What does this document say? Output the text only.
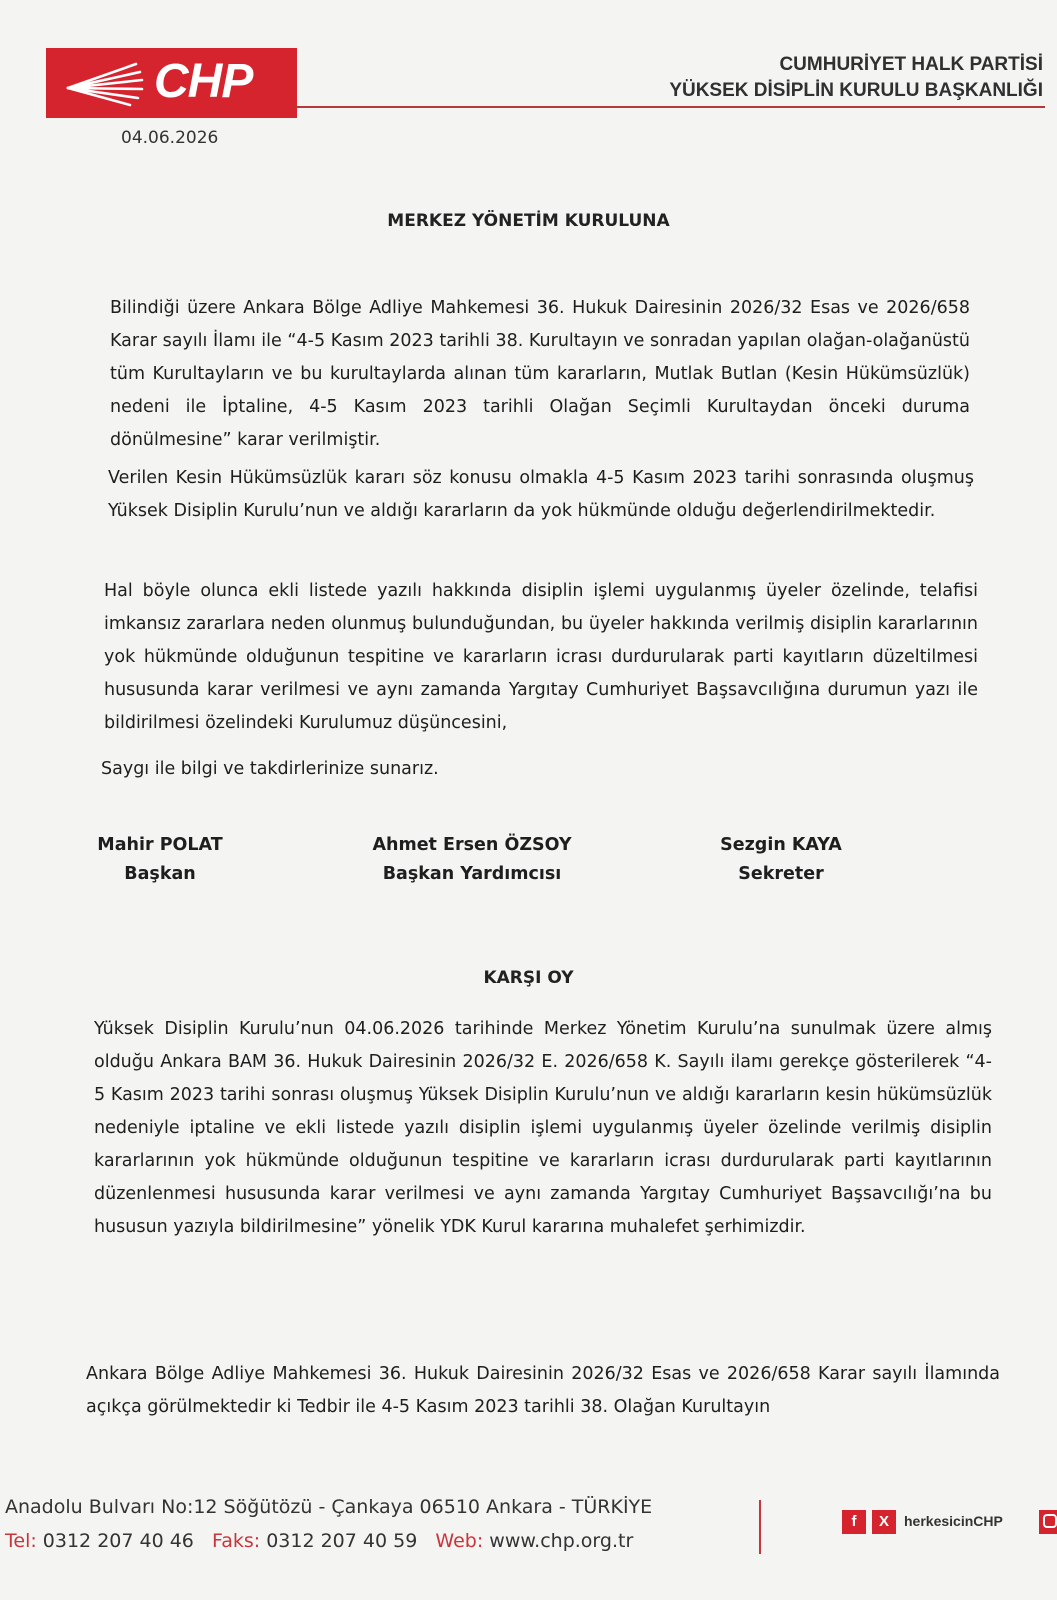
CHP	CUMHURİYET HALK PARTİSİ
YÜKSEK DİSİPLİN KURULU BAŞKANLIĞI
04.06.2026
MERKEZ YÖNETİM KURULUNA
Bilindiği üzere Ankara Bölge Adliye Mahkemesi 36. Hukuk Dairesinin 2026/32 Esas ve 2026/658 Karar sayılı İlamı ile “4-5 Kasım 2023 tarihli 38. Kurultayın ve sonradan yapılan olağan-olağanüstü tüm Kurultayların ve bu kurultaylarda alınan tüm kararların, Mutlak Butlan (Kesin Hükümsüzlük) nedeni ile İptaline, 4-5 Kasım 2023 tarihli Olağan Seçimli Kurultaydan önceki duruma dönülmesine” karar verilmiştir.
Verilen Kesin Hükümsüzlük kararı söz konusu olmakla 4-5 Kasım 2023 tarihi sonrasında oluşmuş Yüksek Disiplin Kurulu’nun ve aldığı kararların da yok hükmünde olduğu değerlendirilmektedir.
Hal böyle olunca ekli listede yazılı hakkında disiplin işlemi uygulanmış üyeler özelinde, telafisi imkansız zararlara neden olunmuş bulunduğundan, bu üyeler hakkında verilmiş disiplin kararlarının yok hükmünde olduğunun tespitine ve kararların icrası durdurularak parti kayıtların düzeltilmesi hususunda karar verilmesi ve aynı zamanda Yargıtay Cumhuriyet Başsavcılığına durumun yazı ile bildirilmesi özelindeki Kurulumuz düşüncesini,
Saygı ile bilgi ve takdirlerinize sunarız.
Mahir POLAT
Başkan
Ahmet Ersen ÖZSOY
Başkan Yardımcısı
Sezgin KAYA
Sekreter
KARŞI OY
Yüksek Disiplin Kurulu’nun 04.06.2026 tarihinde Merkez Yönetim Kurulu’na sunulmak üzere almış olduğu Ankara BAM 36. Hukuk Dairesinin 2026/32 E. 2026/658 K. Sayılı ilamı gerekçe gösterilerek “4-5 Kasım 2023 tarihi sonrası oluşmuş Yüksek Disiplin Kurulu’nun ve aldığı kararların kesin hükümsüzlük nedeniyle iptaline ve ekli listede yazılı disiplin işlemi uygulanmış üyeler özelinde verilmiş disiplin kararlarının yok hükmünde olduğunun tespitine ve kararların icrası durdurularak parti kayıtlarının düzenlenmesi hususunda karar verilmesi ve aynı zamanda Yargıtay Cumhuriyet Başsavcılığı’na bu hususun yazıyla bildirilmesine” yönelik YDK Kurul kararına muhalefet şerhimizdir.
Ankara Bölge Adliye Mahkemesi 36. Hukuk Dairesinin 2026/32 Esas ve 2026/658 Karar sayılı İlamında açıkça görülmektedir ki Tedbir ile 4-5 Kasım 2023 tarihli 38. Olağan Kurultayın
Anadolu Bulvarı No:12 Söğütözü - Çankaya 06510 Ankara - TÜRKİYE
Tel: 0312 207 40 46 Faks: 0312 207 40 59 Web: www.chp.org.tr
f	X	herkesicinCHP
